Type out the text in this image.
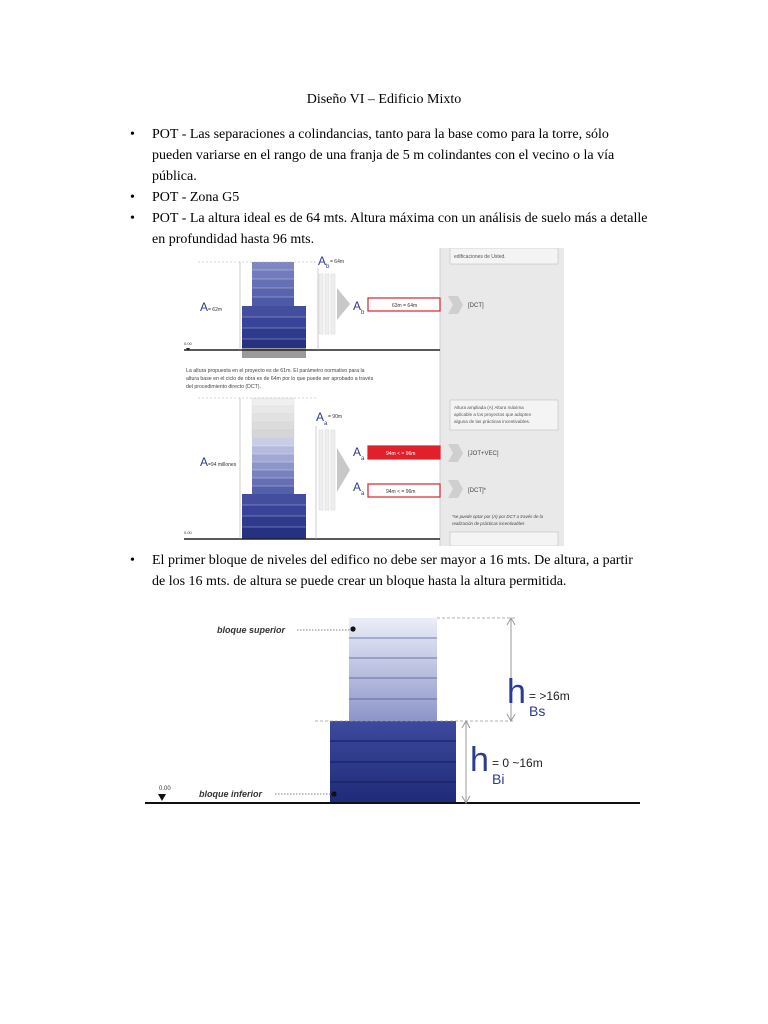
Diseño VI – Edificio Mixto
• POT - Las separaciones a colindancias, tanto para la base como para la torre, sólo pueden variarse en el rango de una franja de 5 m colindantes con el vecino o la vía pública.
• POT - Zona G5
• POT - La altura ideal es de 64 mts. Altura máxima con un análisis de suelo más a detalle en profundidad hasta 96 mts.
edificaciones de Usted.
0.00
A = 62m
A b
= 64m
A b
63m = 64m	[DCT]
La altura propuesta en el proyecto es de 61m. El parámetro normativo para la
altura base en el ciclo de obra es de 64m por lo que puede ser aprobado a través
del procedimiento directo (DCT).
Altura ampliada (A) Altura máxima
aplicable a los proyectos que adopten
alguna de las prácticas incentivables.
0.00
A =94 millones
A a
= 90m
A a
94m < = 96m	[JOT+VEC]
A a	94m < = 96m	[DCT]*
*se puede optar por (A) por DCT a través de la
realización de prácticas incentivables
• El primer bloque de niveles del edifico no debe ser mayor a 16 mts. De altura, a partir de los 16 mts. de altura se puede crear un bloque hasta la altura permitida.
0.00
bloque superior
bloque inferior
h Bs
= >16m
h Bi
= 0 ~16m
